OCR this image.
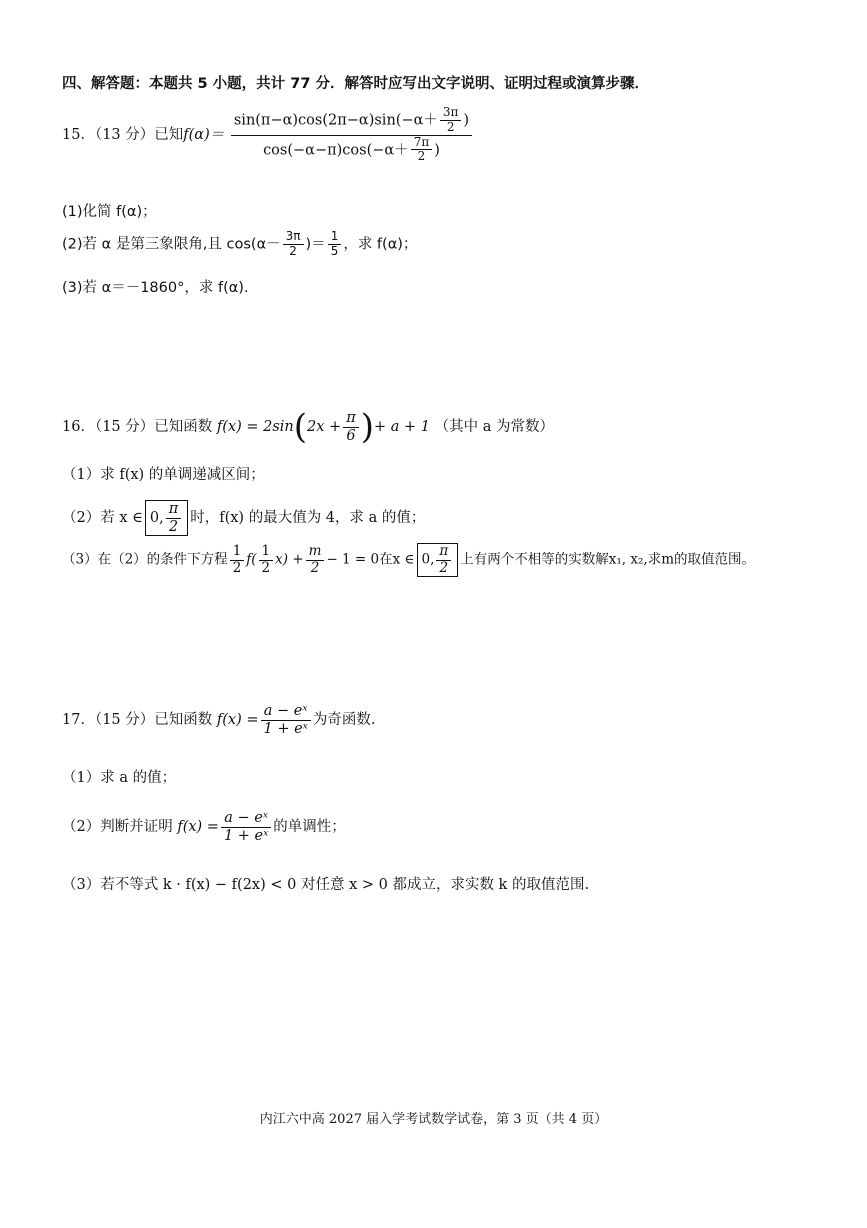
四、解答题：本题共 5 小题，共计 77 分．解答时应写出文字说明、证明过程或演算步骤．
15．（13 分）已知$f(\alpha)= \frac{\sin(\pi-\alpha)\cos(2\pi-\alpha)\sin(-\alpha+ \frac{3\pi}{2} )}{\cos(-\alpha-\pi)\cos(-\alpha+ \frac{7\pi}{2} )}$
(1)化简 f(α)；
(2)若 α 是第三象限角,且 $\cos(\alpha- \frac{3\pi}{2}$ )＝ $\frac{1}{5}$ ，求 f(α)；
(3)若 α＝－1860°，求 f(α).
16．（15 分）已知函数 $f(x) = 2\sin(2x + \frac{\pi}{6}$ )+ a + 1 （其中 a 为常数）
（1）求 f(x) 的单调递减区间；
（2）若 x ∈ 0, $\frac{\pi}{2}$ 时，f(x) 的最大值为 4，求 a 的值；
（3）在（2）的条件下方程 $\frac{1}{2} f( \frac{1}{2} x) + \frac{m}{2} - 1 = 0$在x ∈ 0, $\frac{\pi}{2}$ 上有两个不相等的实数解x₁, x₂,求m的取值范围。
17．（15 分）已知函数 $f(x) = \frac{\text{a − eˣ}}{\text{1 + eˣ}}$ 为奇函数.
（1）求 a 的值；
（2）判断并证明 $f(x) = \frac{\text{a − eˣ}}{\text{1 + eˣ}}$ 的单调性；
（3）若不等式 k · f(x) − f(2x) < 0 对任意 x > 0 都成立，求实数 k 的取值范围.
内江六中高 2027 届入学考试数学试卷，第 3 页（共 4 页）
